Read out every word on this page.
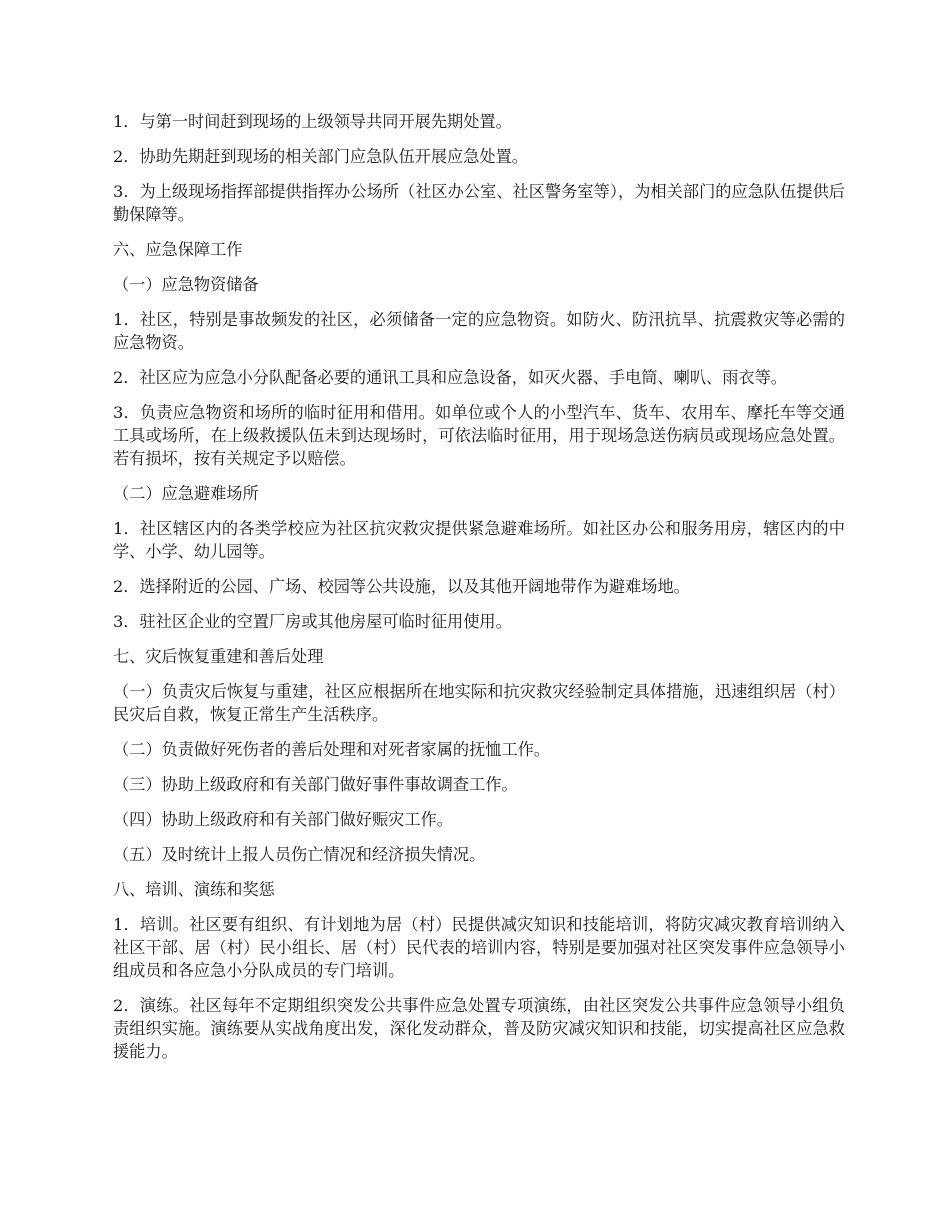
1．与第一时间赶到现场的上级领导共同开展先期处置。

2．协助先期赶到现场的相关部门应急队伍开展应急处置。

3．为上级现场指挥部提供指挥办公场所（社区办公室、社区警务室等），为相关部门的应急队伍提供后勤保障等。

六、应急保障工作

（一）应急物资储备

1．社区，特别是事故频发的社区，必须储备一定的应急物资。如防火、防汛抗旱、抗震救灾等必需的应急物资。

2．社区应为应急小分队配备必要的通讯工具和应急设备，如灭火器、手电筒、喇叭、雨衣等。

3．负责应急物资和场所的临时征用和借用。如单位或个人的小型汽车、货车、农用车、摩托车等交通工具或场所，在上级救援队伍未到达现场时，可依法临时征用，用于现场急送伤病员或现场应急处置。若有损坏，按有关规定予以赔偿。

（二）应急避难场所

1．社区辖区内的各类学校应为社区抗灾救灾提供紧急避难场所。如社区办公和服务用房，辖区内的中学、小学、幼儿园等。

2．选择附近的公园、广场、校园等公共设施，以及其他开阔地带作为避难场地。

3．驻社区企业的空置厂房或其他房屋可临时征用使用。

七、灾后恢复重建和善后处理

（一）负责灾后恢复与重建，社区应根据所在地实际和抗灾救灾经验制定具体措施，迅速组织居（村）民灾后自救，恢复正常生产生活秩序。

（二）负责做好死伤者的善后处理和对死者家属的抚恤工作。

（三）协助上级政府和有关部门做好事件事故调查工作。

（四）协助上级政府和有关部门做好赈灾工作。

（五）及时统计上报人员伤亡情况和经济损失情况。

八、培训、演练和奖惩

1．培训。社区要有组织、有计划地为居（村）民提供减灾知识和技能培训，将防灾减灾教育培训纳入社区干部、居（村）民小组长、居（村）民代表的培训内容，特别是要加强对社区突发事件应急领导小组成员和各应急小分队成员的专门培训。

2．演练。社区每年不定期组织突发公共事件应急处置专项演练，由社区突发公共事件应急领导小组负责组织实施。演练要从实战角度出发，深化发动群众，普及防灾减灾知识和技能，切实提高社区应急救援能力。
